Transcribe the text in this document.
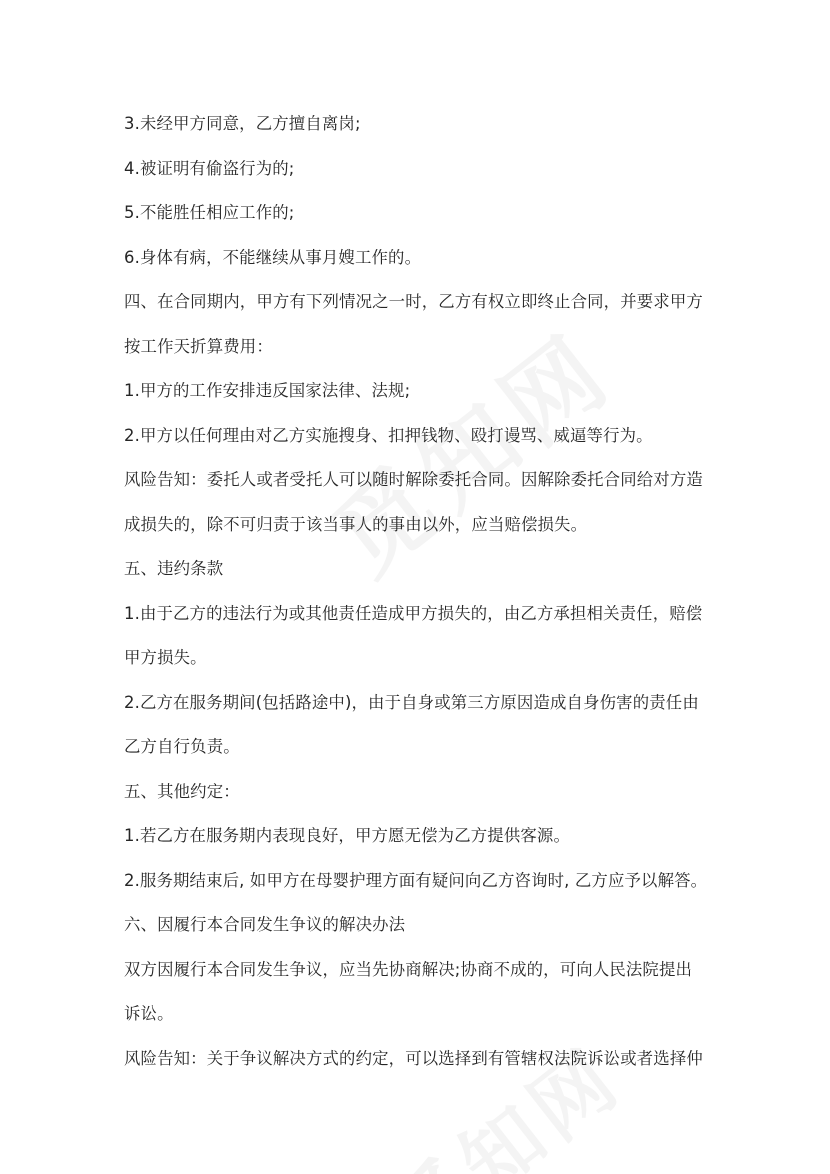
3.未经甲方同意，乙方擅自离岗;
4.被证明有偷盗行为的;
5.不能胜任相应工作的;
6.身体有病，不能继续从事月嫂工作的。
四、在合同期内，甲方有下列情况之一时，乙方有权立即终止合同，并要求甲方
按工作天折算费用：
1.甲方的工作安排违反国家法律、法规;
2.甲方以任何理由对乙方实施搜身、扣押钱物、殴打谩骂、威逼等行为。
风险告知：委托人或者受托人可以随时解除委托合同。因解除委托合同给对方造
成损失的，除不可归责于该当事人的事由以外，应当赔偿损失。
五、违约条款
1.由于乙方的违法行为或其他责任造成甲方损失的，由乙方承担相关责任，赔偿
甲方损失。
2.乙方在服务期间(包括路途中)，由于自身或第三方原因造成自身伤害的责任由
乙方自行负责。
五、其他约定：
1.若乙方在服务期内表现良好，甲方愿无偿为乙方提供客源。
2.服务期结束后, 如甲方在母婴护理方面有疑问向乙方咨询时, 乙方应予以解答。
六、因履行本合同发生争议的解决办法
双方因履行本合同发生争议，应当先协商解决;协商不成的，可向人民法院提出
诉讼。
风险告知：关于争议解决方式的约定，可以选择到有管辖权法院诉讼或者选择仲
